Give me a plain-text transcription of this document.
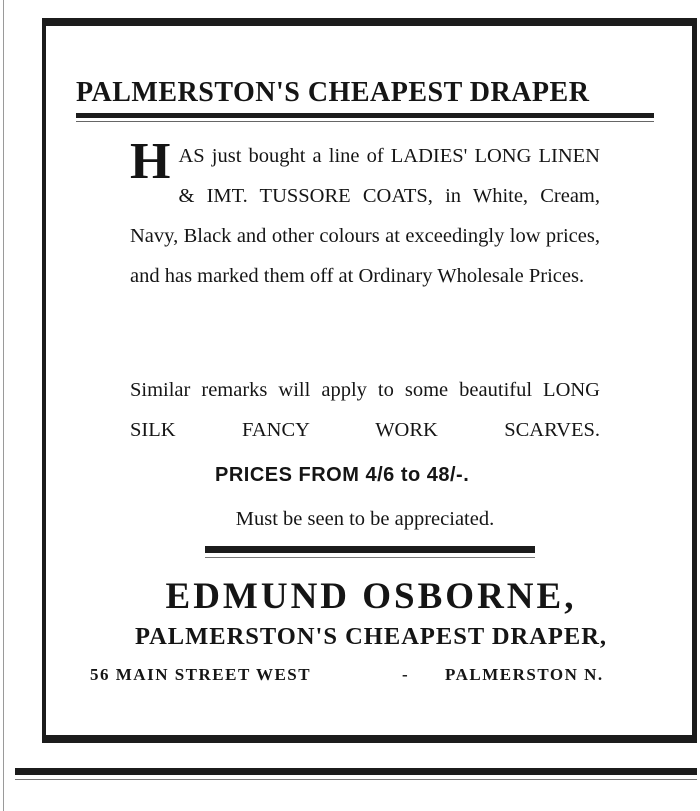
PALMERSTON'S CHEAPEST DRAPER
H AS just bought a line of LADIES' LONG LINEN & IMT. TUSSORE COATS, in White, Cream, Navy, Black and other colours at exceedingly low prices, and has marked them off at Ordinary Wholesale Prices.
Similar remarks will apply to some beautiful LONG SILK FANCY WORK SCARVES.
PRICES FROM 4/6 to 48/-.
Must be seen to be appreciated.
EDMUND OSBORNE,
PALMERSTON'S CHEAPEST DRAPER,
56 MAIN STREET WEST	- PALMERSTON N.
